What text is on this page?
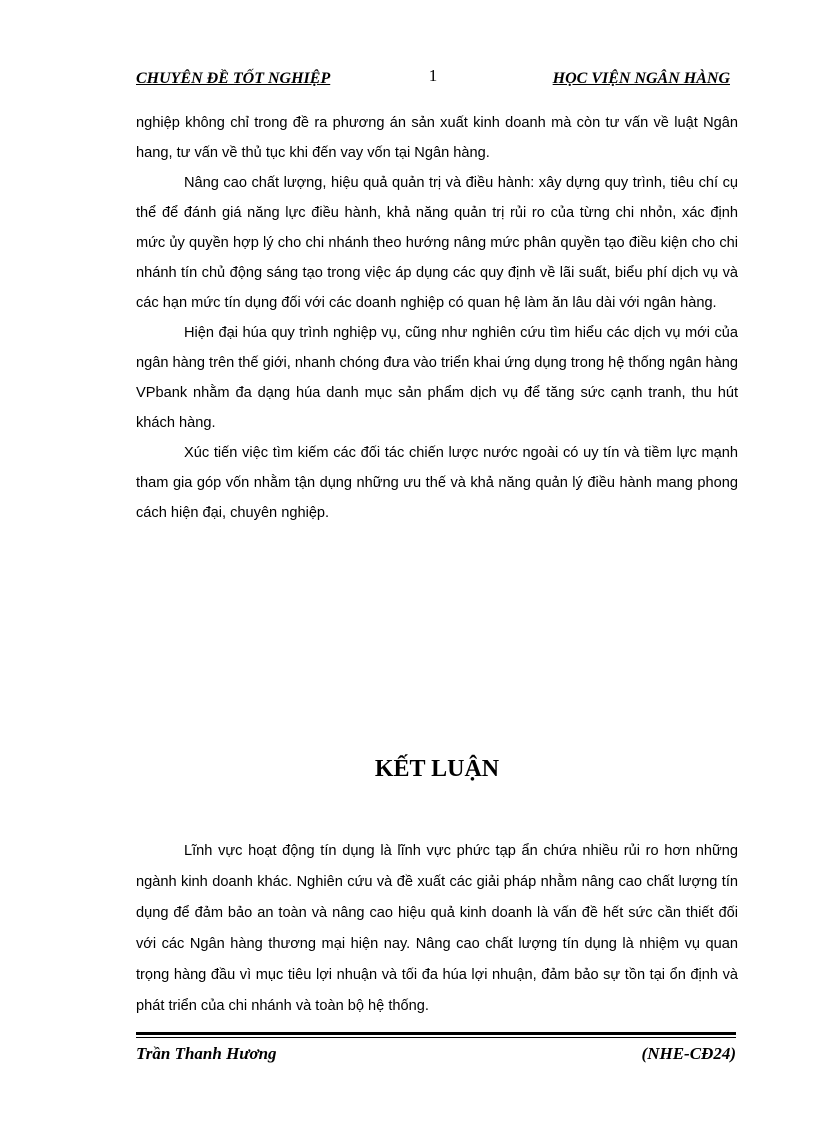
CHUYÊN ĐỀ TỐT NGHIỆP	1	HỌC VIỆN NGÂN HÀNG

nghiệp không chỉ trong đề ra phương án sản xuất kinh doanh mà còn tư vấn về luật Ngân hang, tư vấn về thủ tục khi đến vay vốn tại Ngân hàng.

Nâng cao chất lượng, hiệu quả quản trị và điều hành: xây dựng quy trình, tiêu chí cụ thể để đánh giá năng lực điều hành, khả năng quản trị rủi ro của từng chi nhỏn, xác định mức ủy quyền hợp lý cho chi nhánh theo hướng nâng mức phân quyền tạo điều kiện cho chi nhánh tín chủ động sáng tạo trong việc áp dụng các quy định về lãi suất, biểu phí dịch vụ và các hạn mức tín dụng đối với các doanh nghiệp có quan hệ làm ăn lâu dài với ngân hàng.

Hiện đại húa quy trình nghiệp vụ, cũng như nghiên cứu tìm hiểu các dịch vụ mới của ngân hàng trên thế giới, nhanh chóng đưa vào triển khai ứng dụng trong hệ thống ngân hàng VPbank nhằm đa dạng húa danh mục sản phẩm dịch vụ để tăng sức cạnh tranh, thu hút khách hàng.

Xúc tiến việc tìm kiếm các đối tác chiến lược nước ngoài có uy tín và tiềm lực mạnh tham gia góp vốn nhằm tận dụng những ưu thế và khả năng quản lý điều hành mang phong cách hiện đại, chuyên nghiệp.

KẾT LUẬN

Lĩnh vực hoạt động tín dụng là lĩnh vực phức tạp ẩn chứa nhiều rủi ro hơn những ngành kinh doanh khác. Nghiên cứu và đề xuất các giải pháp nhằm nâng cao chất lượng tín dụng để đảm bảo an toàn và nâng cao hiệu quả kinh doanh là vấn đề hết sức cần thiết đối với các Ngân hàng thương mại hiện nay. Nâng cao chất lượng tín dụng là nhiệm vụ quan trọng hàng đầu vì mục tiêu lợi nhuận và tối đa húa lợi nhuận, đảm bảo sự tồn tại ổn định và phát triển của chi nhánh và toàn bộ hệ thống.

Trần Thanh Hương	(NHE-CĐ24)
